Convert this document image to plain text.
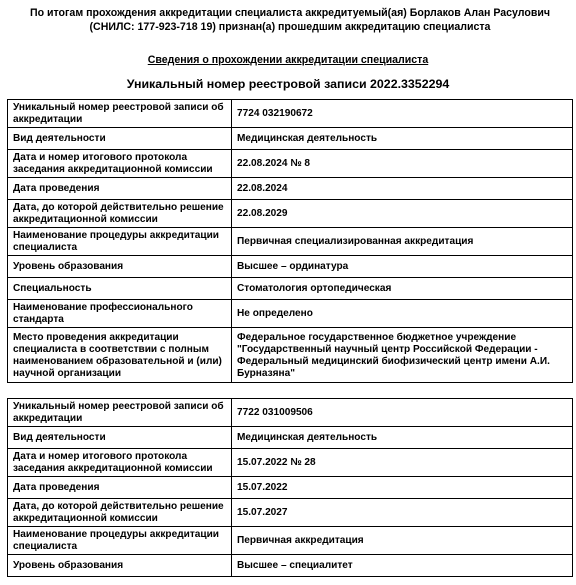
По итогам прохождения аккредитации специалиста аккредитуемый(ая) Борлаков Алан Расулович (СНИЛС: 177-923-718 19) признан(а) прошедшим аккредитацию специалиста

Сведения о прохождении аккредитации специалиста

Уникальный номер реестровой записи 2022.3352294

Уникальный номер реестровой записи об аккредитации	7724 032190672
Вид деятельности	Медицинская деятельность
Дата и номер итогового протокола заседания аккредитационной комиссии	22.08.2024 № 8
Дата проведения	22.08.2024
Дата, до которой действительно решение аккредитационной комиссии	22.08.2029
Наименование процедуры аккредитации специалиста	Первичная специализированная аккредитация
Уровень образования	Высшее – ординатура
Специальность	Стоматология ортопедическая
Наименование профессионального стандарта	Не определено
Место проведения аккредитации специалиста в соответствии с полным наименованием образовательной и (или) научной организации	Федеральное государственное бюджетное учреждение "Государственный научный центр Российской Федерации - Федеральный медицинский биофизический центр имени А.И. Бурназяна"
Уникальный номер реестровой записи об аккредитации	7722 031009506
Вид деятельности	Медицинская деятельность
Дата и номер итогового протокола заседания аккредитационной комиссии	15.07.2022 № 28
Дата проведения	15.07.2022
Дата, до которой действительно решение аккредитационной комиссии	15.07.2027
Наименование процедуры аккредитации специалиста	Первичная аккредитация
Уровень образования	Высшее – специалитет
